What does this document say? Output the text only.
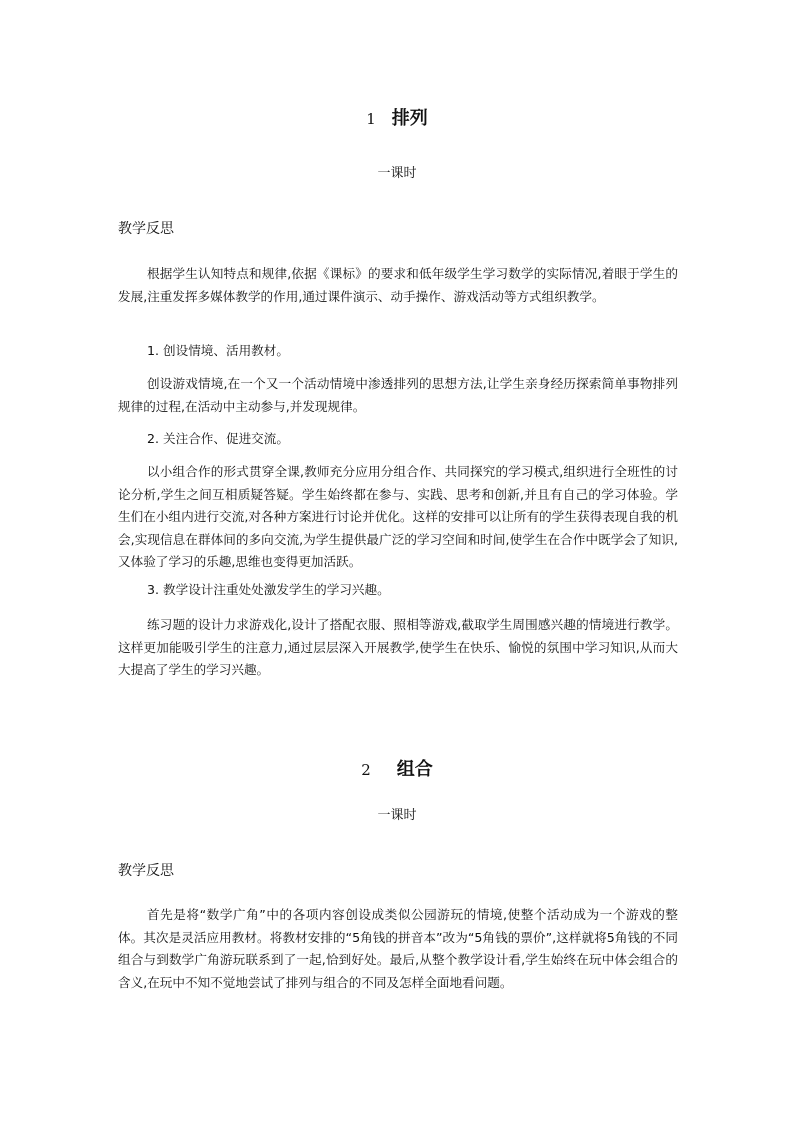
1 排列
一课时
教学反思

根据学生认知特点和规律,依据《课标》的要求和低年级学生学习数学的实际情况,着眼于学生的发展,注重发挥多媒体教学的作用,通过课件演示、动手操作、游戏活动等方式组织教学。

1. 创设情境、活用教材。

创设游戏情境,在一个又一个活动情境中渗透排列的思想方法,让学生亲身经历探索简单事物排列规律的过程,在活动中主动参与,并发现规律。

2. 关注合作、促进交流。

以小组合作的形式贯穿全课,教师充分应用分组合作、共同探究的学习模式,组织进行全班性的讨论分析,学生之间互相质疑答疑。学生始终都在参与、实践、思考和创新,并且有自己的学习体验。学生们在小组内进行交流,对各种方案进行讨论并优化。这样的安排可以让所有的学生获得表现自我的机会,实现信息在群体间的多向交流,为学生提供最广泛的学习空间和时间,使学生在合作中既学会了知识,又体验了学习的乐趣,思维也变得更加活跃。

3. 教学设计注重处处激发学生的学习兴趣。

练习题的设计力求游戏化,设计了搭配衣服、照相等游戏,截取学生周围感兴趣的情境进行教学。这样更加能吸引学生的注意力,通过层层深入开展教学,使学生在快乐、愉悦的氛围中学习知识,从而大大提高了学生的学习兴趣。

2 组合
一课时
教学反思

首先是将“数学广角”中的各项内容创设成类似公园游玩的情境,使整个活动成为一个游戏的整体。其次是灵活应用教材。将教材安排的“5角钱的拼音本”改为“5角钱的票价”,这样就将5角钱的不同组合与到数学广角游玩联系到了一起,恰到好处。最后,从整个教学设计看,学生始终在玩中体会组合的含义,在玩中不知不觉地尝试了排列与组合的不同及怎样全面地看问题。
